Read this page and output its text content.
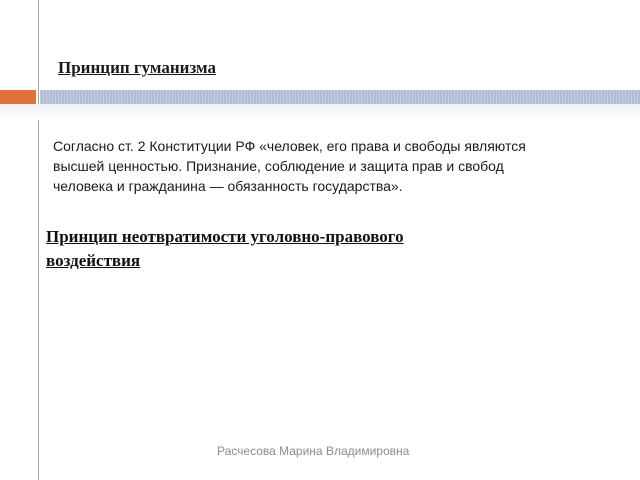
Принцип гуманизма

Согласно ст. 2 Конституции РФ «человек, его права и свободы являются высшей ценностью. Признание, соблюдение и защита прав и свобод человека и гражданина — обязанность государства».

Принцип неотвратимости уголовно-правового воздействия

Расчесова Марина Владимировна
